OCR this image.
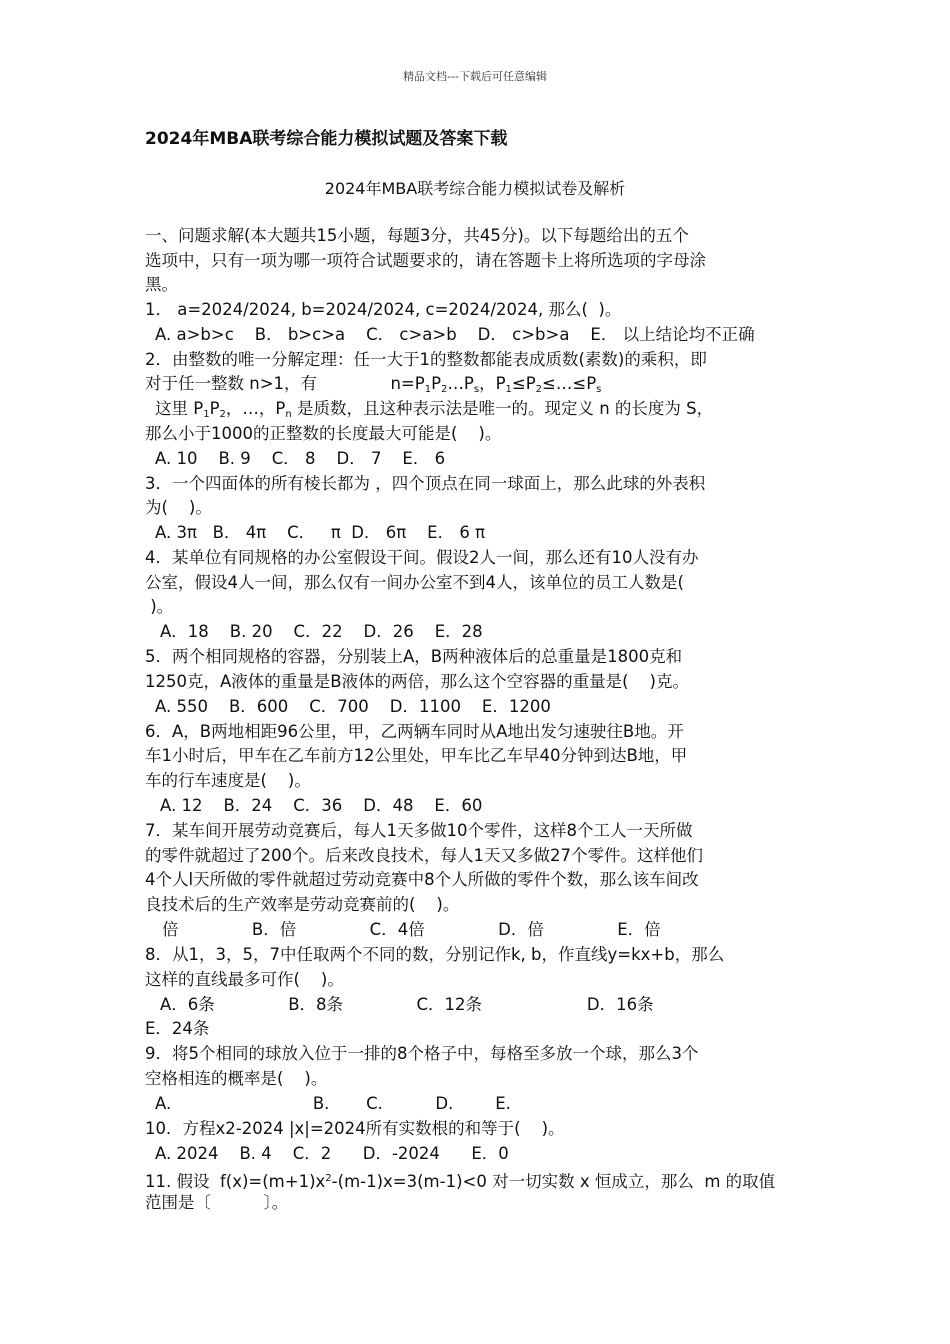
精品文档---下载后可任意编辑
2024年MBA联考综合能力模拟试题及答案下载
2024年MBA联考综合能力模拟试卷及解析
一、问题求解(本大题共15小题，每题3分，共45分)。以下每题给出的五个
选项中，只有一项为哪一项符合试题要求的，请在答题卡上将所选项的字母涂
黑。
1． a=2024/2024, b=2024/2024, c=2024/2024, 那么(  )。
A. a>b>c    B． b>c>a    C． c>a>b    D． c>b>a    E． 以上结论均不正确
2．由整数的唯一分解定理：任一大于1的整数都能表成质数(素数)的乘积，即
对于任一整数 n>1，有              $n=P_1P_2\dots P_s$，$P_1\le P_2\le\dots\le P_s$
这里 $P_1P_2$，…，$P_n$ 是质数，且这种表示法是唯一的。现定义 n 的长度为 S，
那么小于1000的正整数的长度最大可能是(    )。
A. 10    B. 9    C． 8    D． 7    E． 6
3．一个四面体的所有棱长都为 ，四个顶点在同一球面上，那么此球的外表积
为(    )。
A. 3π   B． 4π    C．   π  D． 6π    E． 6 π
4．某单位有同规格的办公室假设干间。假设2人一间，那么还有10人没有办
公室，假设4人一间，那么仅有一间办公室不到4人，该单位的员工人数是(
)。
A．18    B. 20    C．22    D．26    E．28
5．两个相同规格的容器，分别装上A，B两种液体后的总重量是1800克和
1250克，A液体的重量是B液体的两倍，那么这个空容器的重量是(    )克。
A. 550    B．600    C．700    D．1100    E．1200
6．A，B两地相距96公里，甲，乙两辆车同时从A地出发匀速驶往B地。开
车1小时后，甲车在乙车前方12公里处，甲车比乙车早40分钟到达B地，甲
车的行车速度是(    )。
A. 12    B．24    C．36    D．48    E．60
7．某车间开展劳动竞赛后，每人1天多做10个零件，这样8个工人一天所做
的零件就超过了200个。后来改良技术，每人1天又多做27个零件。这样他们
4个人l天所做的零件就超过劳动竞赛中8个人所做的零件个数，那么该车间改
良技术后的生产效率是劳动竞赛前的(    )。
倍              B．倍              C．4倍              D．倍              E．倍
8．从1，3，5，7中任取两个不同的数，分别记作k, b，作直线y=kx+b，那么
这样的直线最多可作(    )。
A．6条              B．8条              C．12条                    D．16条
E．24条
9．将5个相同的球放入位于一排的8个格子中，每格至多放一个球，那么3个
空格相连的概率是(    )。
A.                           B.       C.          D.        E.
10．方程x2-2024 |x|=2024所有实数根的和等于(    )。
A. 2024    B. 4    C．2      D．-2024      E．0
11. 假设  $f(x)=(m+1)x^2-(m-1)x=3(m-1)<0$ 对一切实数 x 恒成立，那么  m 的取值
范围是〔          〕。
